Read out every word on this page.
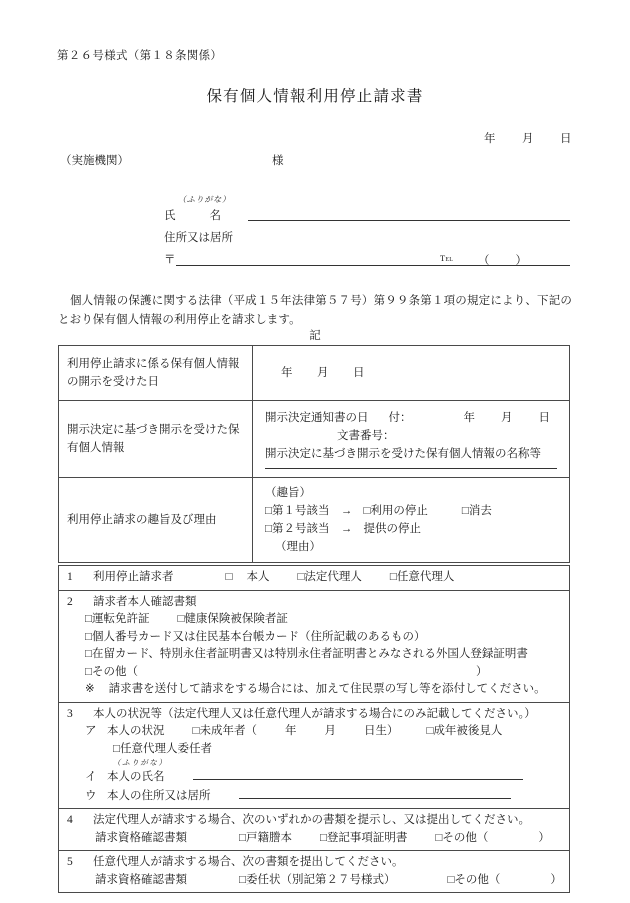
第２６号様式（第１８条関係）
保有個人情報利用停止請求書
年 月 日
（実施機関）	様
（ふりがな）
氏	名
住所又は居所
〒	Tel （ ）
個人情報の保護に関する法律（平成１５年法律第５７号）第９９条第１項の規定により、下記のとおり保有個人情報の利用停止を請求します。
記
利用停止請求に係る保有個人情報の開示を受けた日	年 月 日
開示決定に基づき開示を受けた保有個人情報	開示決定通知書の日 付： 年 月 日
文書番号：
開示決定に基づき開示を受けた保有個人情報の名称等

利用停止請求の趣旨及び理由	（趣旨）
□第１号該当 → □利用の停止 □消去
□第２号該当 → 提供の停止
（理由）
1 利用停止請求者	□ 本人 □法定代理人 □任意代理人

2 請求者本人確認書類
□運転免許証 □健康保険被保険者証
□個人番号カード又は住民基本台帳カード（住所記載のあるもの）
□在留カード、特別永住者証明書又は特別永住者証明書とみなされる外国人登録証明書
□その他（	）
※ 請求書を送付して請求をする場合には、加えて住民票の写し等を添付してください。

3 本人の状況等（法定代理人又は任意代理人が請求する場合にのみ記載してください。）
ア 本人の状況 □未成年者（ 年 月 日生） □成年被後見人
□任意代理人委任者
（ふりがな）
イ 本人の氏名
ウ 本人の住所又は居所

4 法定代理人が請求する場合、次のいずれかの書類を提示し、又は提出してください。
請求資格確認書類	□戸籍謄本 □登記事項証明書 □その他（	）

5 任意代理人が請求する場合、次の書類を提出してください。
請求資格確認書類	□委任状（別記第２７号様式）	□その他（	）
